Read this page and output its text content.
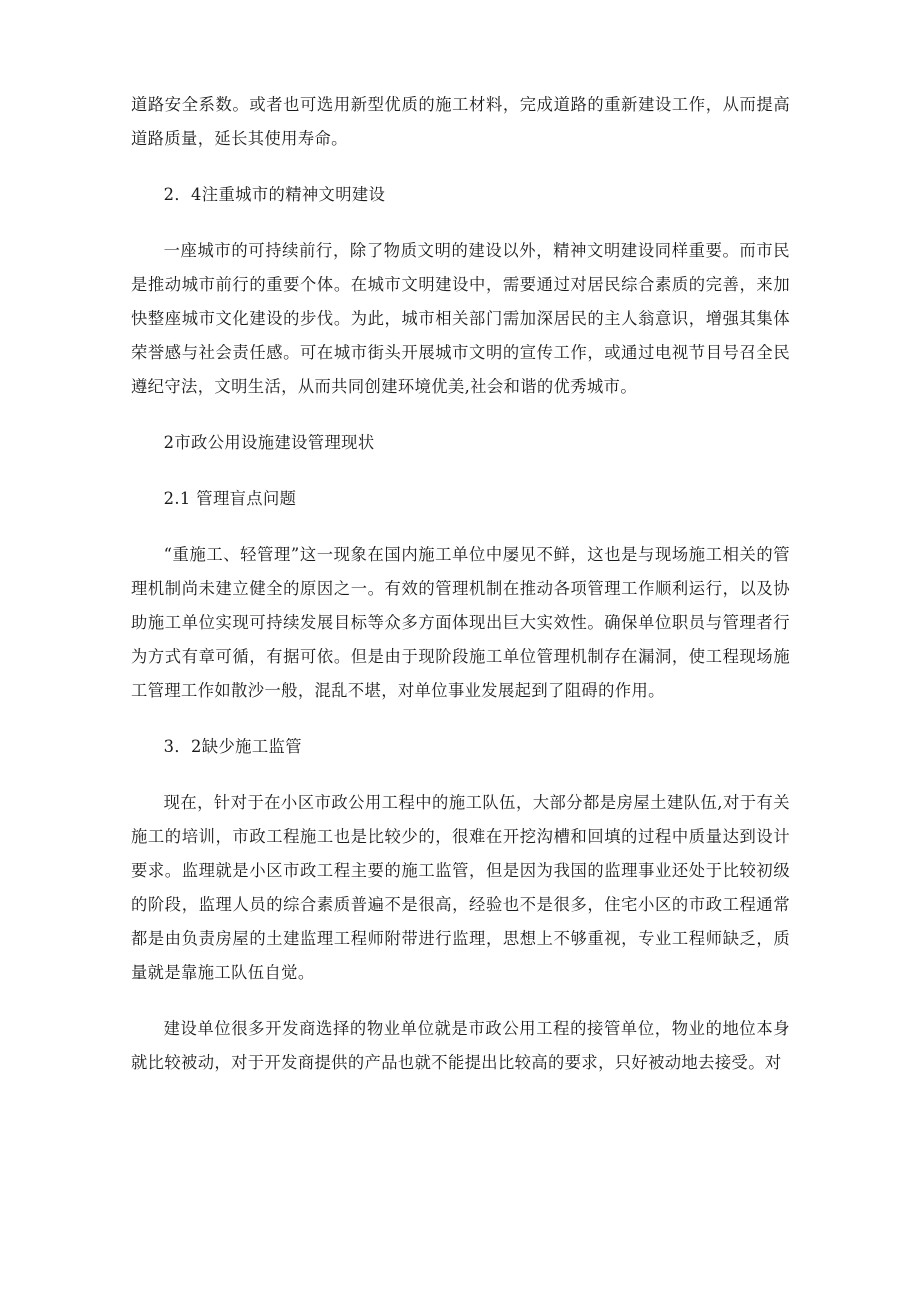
道路安全系数。或者也可选用新型优质的施工材料，完成道路的重新建设工作，从而提高道路质量，延长其使用寿命。

2．4注重城市的精神文明建设

一座城市的可持续前行，除了物质文明的建设以外，精神文明建设同样重要。而市民是推动城市前行的重要个体。在城市文明建设中，需要通过对居民综合素质的完善，来加快整座城市文化建设的步伐。为此，城市相关部门需加深居民的主人翁意识，增强其集体荣誉感与社会责任感。可在城市街头开展城市文明的宣传工作，或通过电视节目号召全民遵纪守法，文明生活，从而共同创建环境优美,社会和谐的优秀城市。

2市政公用设施建设管理现状

2.1 管理盲点问题

“重施工、轻管理”这一现象在国内施工单位中屡见不鲜，这也是与现场施工相关的管理机制尚未建立健全的原因之一。有效的管理机制在推动各项管理工作顺利运行，以及协助施工单位实现可持续发展目标等众多方面体现出巨大实效性。确保单位职员与管理者行为方式有章可循，有据可依。但是由于现阶段施工单位管理机制存在漏洞，使工程现场施工管理工作如散沙一般，混乱不堪，对单位事业发展起到了阻碍的作用。

3．2缺少施工监管

现在，针对于在小区市政公用工程中的施工队伍，大部分都是房屋土建队伍,对于有关施工的培训，市政工程施工也是比较少的，很难在开挖沟槽和回填的过程中质量达到设计要求。监理就是小区市政工程主要的施工监管，但是因为我国的监理事业还处于比较初级的阶段，监理人员的综合素质普遍不是很高，经验也不是很多，住宅小区的市政工程通常都是由负责房屋的土建监理工程师附带进行监理，思想上不够重视，专业工程师缺乏，质量就是靠施工队伍自觉。

建设单位很多开发商选择的物业单位就是市政公用工程的接管单位，物业的地位本身就比较被动，对于开发商提供的产品也就不能提出比较高的要求，只好被动地去接受。对
